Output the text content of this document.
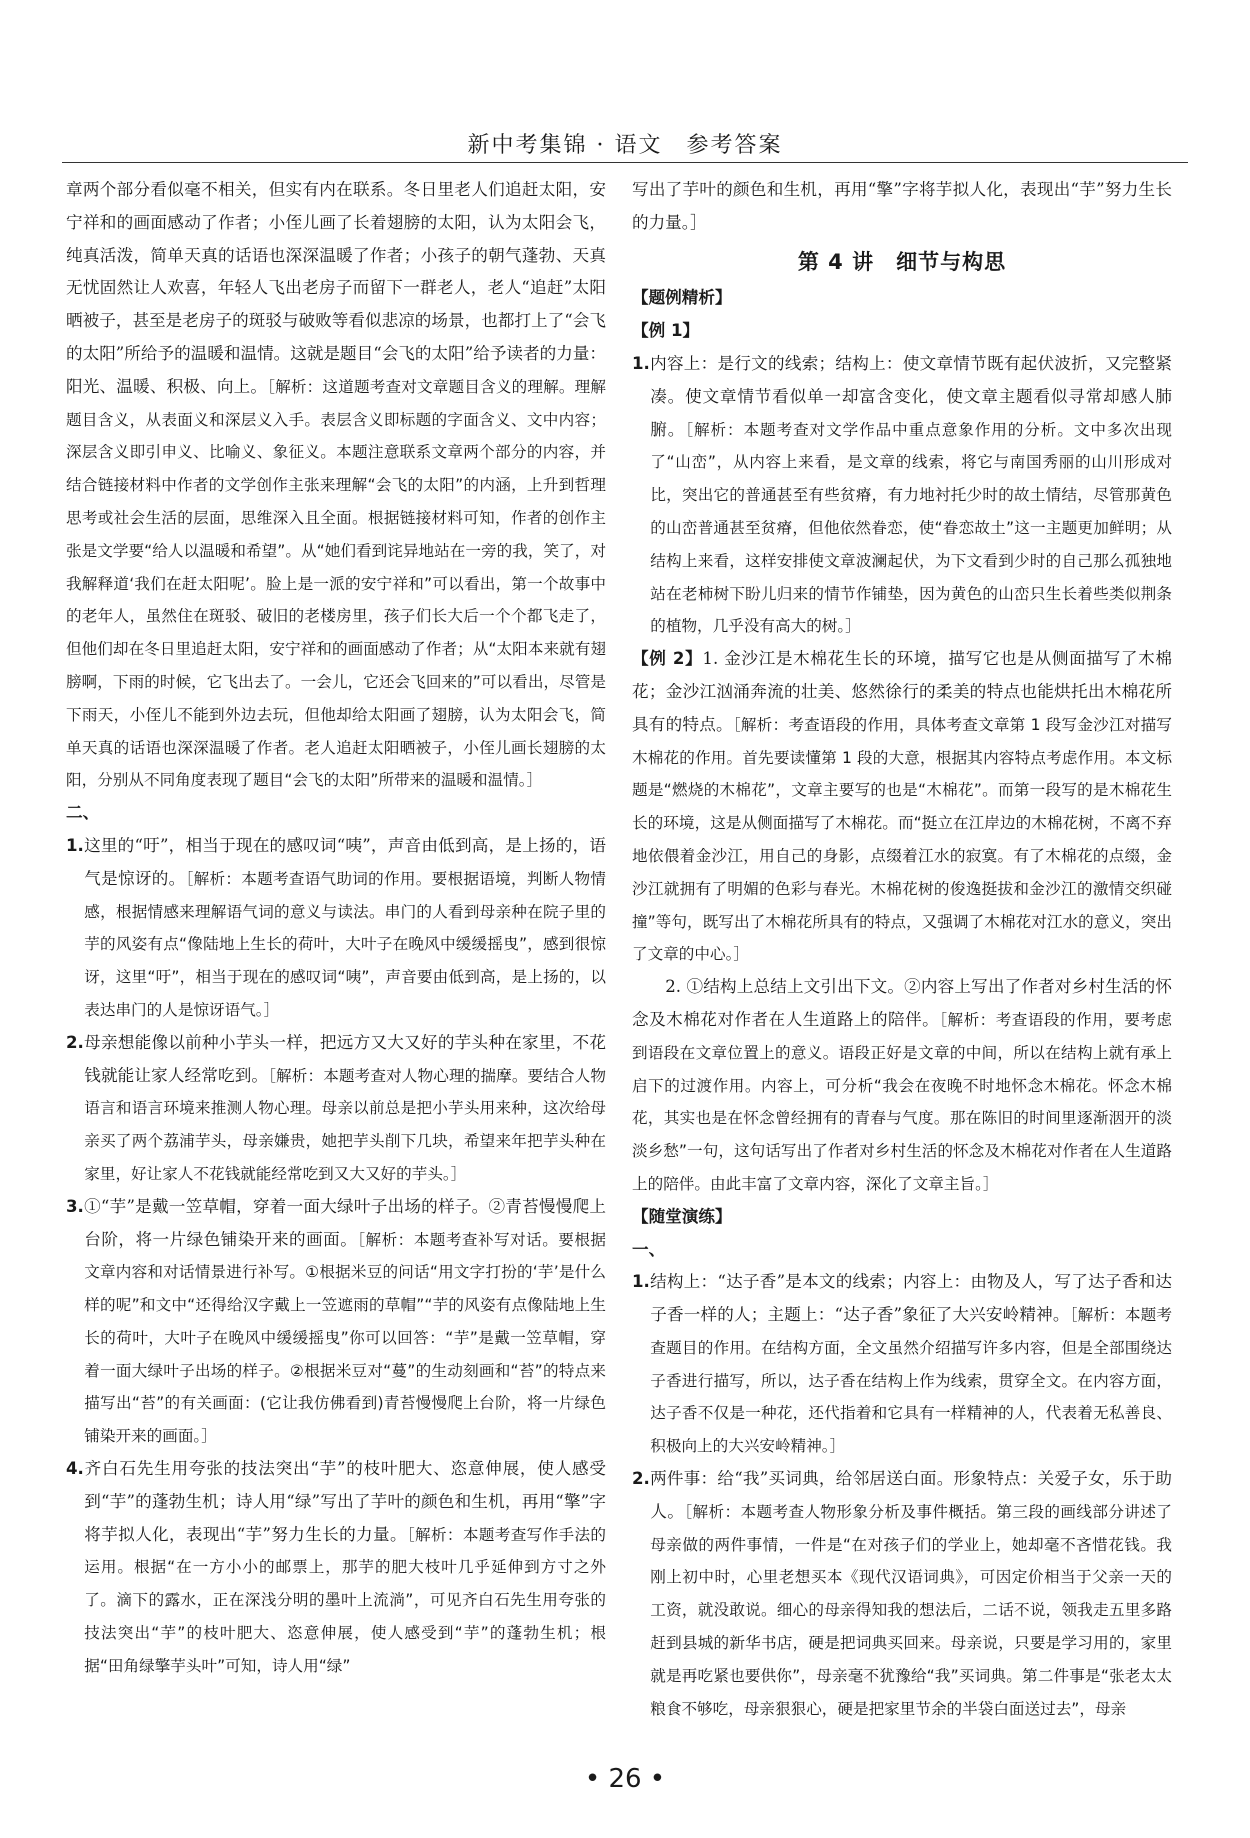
新中考集锦 · 语文　参考答案

章两个部分看似毫不相关，但实有内在联系。冬日里老人们追赶太阳，安宁祥和的画面感动了作者；小侄儿画了长着翅膀的太阳，认为太阳会飞，纯真活泼，简单天真的话语也深深温暖了作者；小孩子的朝气蓬勃、天真无忧固然让人欢喜，年轻人飞出老房子而留下一群老人，老人“追赶”太阳晒被子，甚至是老房子的斑驳与破败等看似悲凉的场景，也都打上了“会飞的太阳”所给予的温暖和温情。这就是题目“会飞的太阳”给予读者的力量：阳光、温暖、积极、向上。［解析：这道题考查对文章题目含义的理解。理解题目含义，从表面义和深层义入手。表层含义即标题的字面含义、文中内容；深层含义即引申义、比喻义、象征义。本题注意联系文章两个部分的内容，并结合链接材料中作者的文学创作主张来理解“会飞的太阳”的内涵，上升到哲理思考或社会生活的层面，思维深入且全面。根据链接材料可知，作者的创作主张是文学要“给人以温暖和希望”。从“她们看到诧异地站在一旁的我，笑了，对我解释道‘我们在赶太阳呢’。脸上是一派的安宁祥和”可以看出，第一个故事中的老年人，虽然住在斑驳、破旧的老楼房里，孩子们长大后一个个都飞走了，但他们却在冬日里追赶太阳，安宁祥和的画面感动了作者；从“太阳本来就有翅膀啊，下雨的时候，它飞出去了。一会儿，它还会飞回来的”可以看出，尽管是下雨天，小侄儿不能到外边去玩，但他却给太阳画了翅膀，认为太阳会飞，简单天真的话语也深深温暖了作者。老人追赶太阳晒被子，小侄儿画长翅膀的太阳，分别从不同角度表现了题目“会飞的太阳”所带来的温暖和温情。］

二、

1.这里的“吁”，相当于现在的感叹词“咦”，声音由低到高，是上扬的，语气是惊讶的。［解析：本题考查语气助词的作用。要根据语境，判断人物情感，根据情感来理解语气词的意义与读法。串门的人看到母亲种在院子里的芋的风姿有点“像陆地上生长的荷叶，大叶子在晚风中缓缓摇曳”，感到很惊讶，这里“吁”，相当于现在的感叹词“咦”，声音要由低到高，是上扬的，以表达串门的人是惊讶语气。］

2.母亲想能像以前种小芋头一样，把远方又大又好的芋头种在家里，不花钱就能让家人经常吃到。［解析：本题考查对人物心理的揣摩。要结合人物语言和语言环境来推测人物心理。母亲以前总是把小芋头用来种，这次给母亲买了两个荔浦芋头，母亲嫌贵，她把芋头削下几块，希望来年把芋头种在家里，好让家人不花钱就能经常吃到又大又好的芋头。］

3.①“芋”是戴一笠草帽，穿着一面大绿叶子出场的样子。②青苔慢慢爬上台阶，将一片绿色铺染开来的画面。［解析：本题考查补写对话。要根据文章内容和对话情景进行补写。①根据米豆的问话“用文字打扮的‘芋’是什么样的呢”和文中“还得给汉字戴上一笠遮雨的草帽”“芋的风姿有点像陆地上生长的荷叶，大叶子在晚风中缓缓摇曳”你可以回答：“芋”是戴一笠草帽，穿着一面大绿叶子出场的样子。②根据米豆对“蔓”的生动刻画和“苔”的特点来描写出“苔”的有关画面：(它让我仿佛看到)青苔慢慢爬上台阶，将一片绿色铺染开来的画面。］

4.齐白石先生用夸张的技法突出“芋”的枝叶肥大、恣意伸展，使人感受到“芋”的蓬勃生机；诗人用“绿”写出了芋叶的颜色和生机，再用“擎”字将芋拟人化，表现出“芋”努力生长的力量。［解析：本题考查写作手法的运用。根据“在一方小小的邮票上，那芋的肥大枝叶几乎延伸到方寸之外了。滴下的露水，正在深浅分明的墨叶上流淌”，可见齐白石先生用夸张的技法突出“芋”的枝叶肥大、恣意伸展，使人感受到“芋”的蓬勃生机；根据“田角绿擎芋头叶”可知，诗人用“绿”

写出了芋叶的颜色和生机，再用“擎”字将芋拟人化，表现出“芋”努力生长的力量。］

第 4 讲　细节与构思

【题例精析】

【例 1】

1.内容上：是行文的线索；结构上：使文章情节既有起伏波折，又完整紧凑。使文章情节看似单一却富含变化，使文章主题看似寻常却感人肺腑。［解析：本题考查对文学作品中重点意象作用的分析。文中多次出现了“山峦”，从内容上来看，是文章的线索，将它与南国秀丽的山川形成对比，突出它的普通甚至有些贫瘠，有力地衬托少时的故土情结，尽管那黄色的山峦普通甚至贫瘠，但他依然眷恋，使“眷恋故土”这一主题更加鲜明；从结构上来看，这样安排使文章波澜起伏，为下文看到少时的自己那么孤独地站在老柿树下盼儿归来的情节作铺垫，因为黄色的山峦只生长着些类似荆条的植物，几乎没有高大的树。］

【例 2】1. 金沙江是木棉花生长的环境，描写它也是从侧面描写了木棉花；金沙江汹涌奔流的壮美、悠然徐行的柔美的特点也能烘托出木棉花所具有的特点。［解析：考查语段的作用，具体考查文章第 1 段写金沙江对描写木棉花的作用。首先要读懂第 1 段的大意，根据其内容特点考虑作用。本文标题是“燃烧的木棉花”，文章主要写的也是“木棉花”。而第一段写的是木棉花生长的环境，这是从侧面描写了木棉花。而“挺立在江岸边的木棉花树，不离不弃地依偎着金沙江，用自己的身影，点缀着江水的寂寞。有了木棉花的点缀，金沙江就拥有了明媚的色彩与春光。木棉花树的俊逸挺拔和金沙江的激情交织碰撞”等句，既写出了木棉花所具有的特点，又强调了木棉花对江水的意义，突出了文章的中心。］

2. ①结构上总结上文引出下文。②内容上写出了作者对乡村生活的怀念及木棉花对作者在人生道路上的陪伴。［解析：考查语段的作用，要考虑到语段在文章位置上的意义。语段正好是文章的中间，所以在结构上就有承上启下的过渡作用。内容上，可分析“我会在夜晚不时地怀念木棉花。怀念木棉花，其实也是在怀念曾经拥有的青春与气度。那在陈旧的时间里逐渐洇开的淡淡乡愁”一句，这句话写出了作者对乡村生活的怀念及木棉花对作者在人生道路上的陪伴。由此丰富了文章内容，深化了文章主旨。］

【随堂演练】

一、

1.结构上：“达子香”是本文的线索；内容上：由物及人，写了达子香和达子香一样的人；主题上：“达子香”象征了大兴安岭精神。［解析：本题考查题目的作用。在结构方面，全文虽然介绍描写许多内容，但是全部围绕达子香进行描写，所以，达子香在结构上作为线索，贯穿全文。在内容方面，达子香不仅是一种花，还代指着和它具有一样精神的人，代表着无私善良、积极向上的大兴安岭精神。］

2.两件事：给“我”买词典，给邻居送白面。形象特点：关爱子女，乐于助人。［解析：本题考查人物形象分析及事件概括。第三段的画线部分讲述了母亲做的两件事情，一件是“在对孩子们的学业上，她却毫不吝惜花钱。我刚上初中时，心里老想买本《现代汉语词典》，可因定价相当于父亲一天的工资，就没敢说。细心的母亲得知我的想法后，二话不说，领我走五里多路赶到县城的新华书店，硬是把词典买回来。母亲说，只要是学习用的，家里就是再吃紧也要供你”，母亲毫不犹豫给“我”买词典。第二件事是“张老太太粮食不够吃，母亲狠狠心，硬是把家里节余的半袋白面送过去”，母亲

• 26 •
